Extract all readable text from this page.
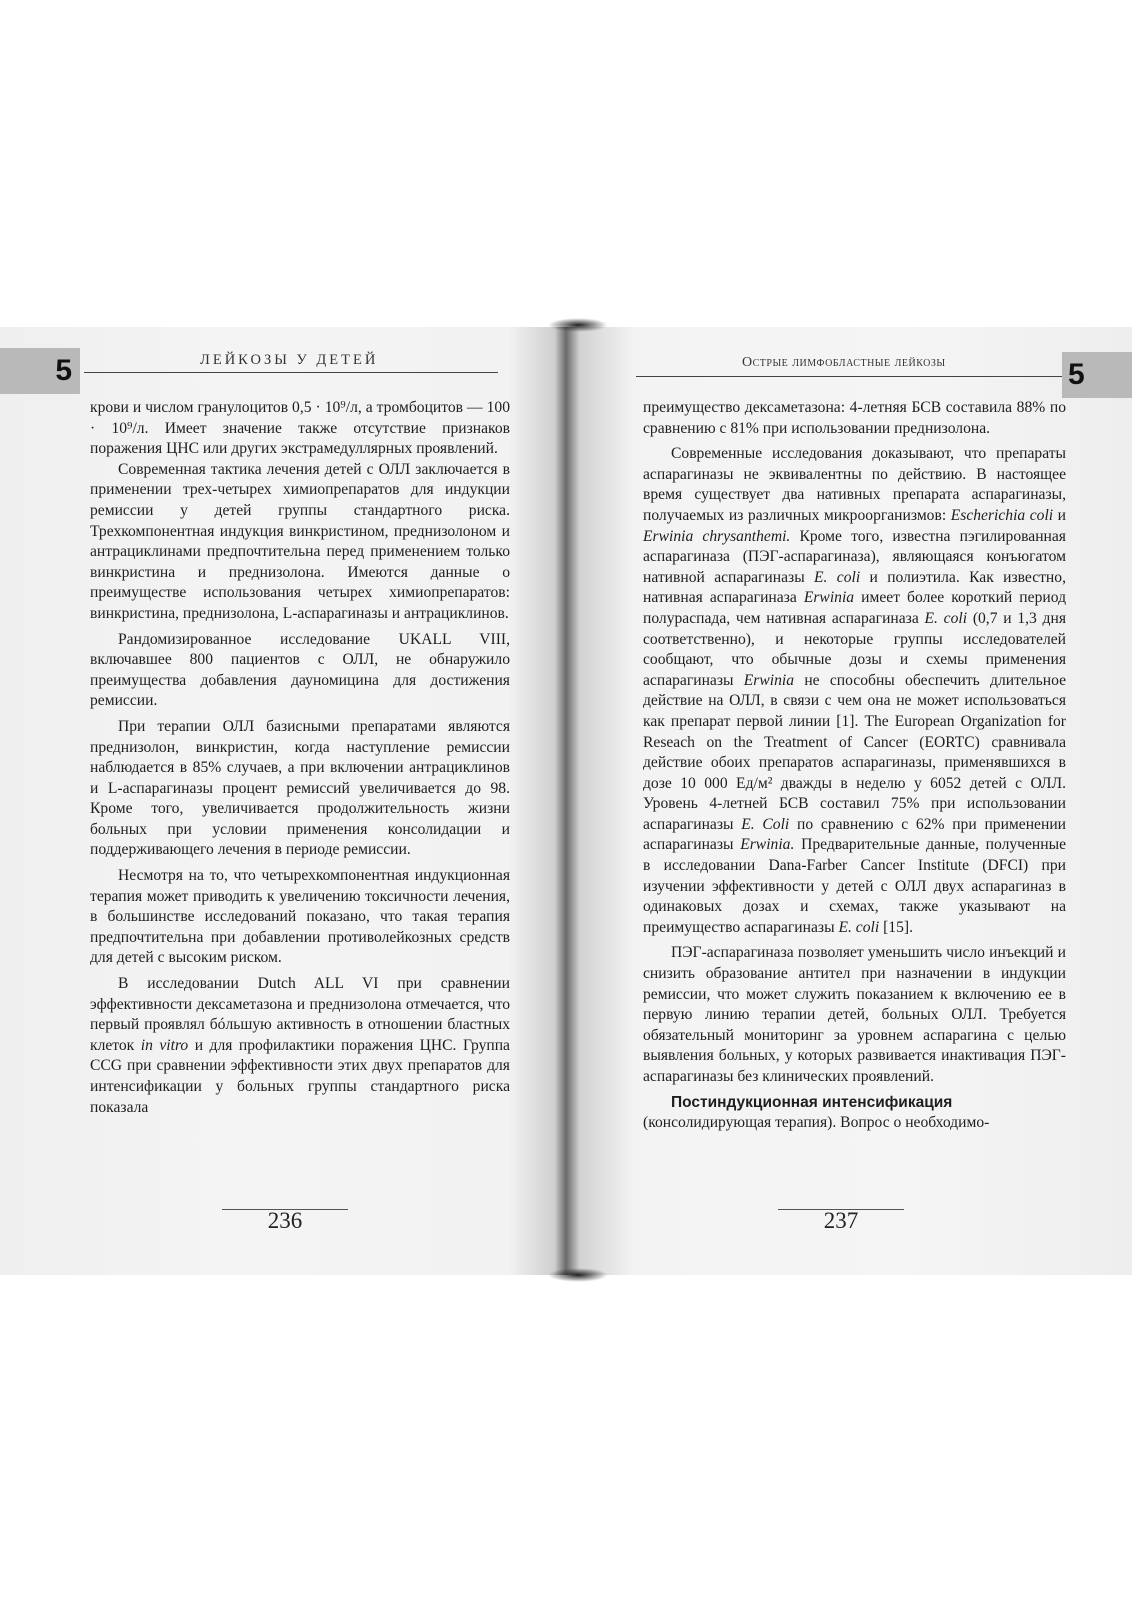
5	ЛЕЙКОЗЫ У ДЕТЕЙ

крови и числом гранулоцитов 0,5 · 10⁹/л, а тромбоцитов — 100 · 10⁹/л. Имеет значение также отсутствие признаков поражения ЦНС или других экстрамедуллярных проявлений.

Современная тактика лечения детей с ОЛЛ заключается в применении трех-четырех химиопрепаратов для индукции ремиссии у детей группы стандартного риска. Трехкомпонентная индукция винкристином, преднизолоном и антрациклинами предпочтительна перед применением только винкристина и преднизолона. Имеются данные о преимуществе использования четырех химиопрепаратов: винкристина, преднизолона, L-аспарагиназы и антрациклинов.

Рандомизированное исследование UKALL VIII, включавшее 800 пациентов с ОЛЛ, не обнаружило преимущества добавления дауномицина для достижения ремиссии.

При терапии ОЛЛ базисными препаратами являются преднизолон, винкристин, когда наступление ремиссии наблюдается в 85% случаев, а при включении антрациклинов и L-аспарагиназы процент ремиссий увеличивается до 98. Кроме того, увеличивается продолжительность жизни больных при условии применения консолидации и поддерживающего лечения в периоде ремиссии.

Несмотря на то, что четырехкомпонентная индукционная терапия может приводить к увеличению токсичности лечения, в большинстве исследований показано, что такая терапия предпочтительна при добавлении противолейкозных средств для детей с высоким риском.

В исследовании Dutch ALL VI при сравнении эффективности дексаметазона и преднизолона отмечается, что первый проявлял бóльшую активность в отношении бластных клеток in vitro и для профилактики поражения ЦНС. Группа CCG при сравнении эффективности этих двух препаратов для интенсификации у больных группы стандартного риска показала

236
5
Острые лимфобластные лейкозы

преимущество дексаметазона: 4-летняя БСВ составила 88% по сравнению с 81% при использовании преднизолона.

Современные исследования доказывают, что препараты аспарагиназы не эквивалентны по действию. В настоящее время существует два нативных препарата аспарагиназы, получаемых из различных микроорганизмов: Escherichia coli и Erwinia chrysanthemi. Кроме того, известна пэгилированная аспарагиназа (ПЭГ-аспарагиназа), являющаяся конъюгатом нативной аспарагиназы E. coli и полиэтила. Как известно, нативная аспарагиназа Erwinia имеет более короткий период полураспада, чем нативная аспарагиназа E. coli (0,7 и 1,3 дня соответственно), и некоторые группы исследователей сообщают, что обычные дозы и схемы применения аспарагиназы Erwinia не способны обеспечить длительное действие на ОЛЛ, в связи с чем она не может использоваться как препарат первой линии [1]. The European Organization for Reseach on the Treatment of Cancer (EORTC) сравнивала действие обоих препаратов аспарагиназы, применявшихся в дозе 10 000 Ед/м² дважды в неделю у 6052 детей с ОЛЛ. Уровень 4-летней БСВ составил 75% при использовании аспарагиназы E. Coli по сравнению с 62% при применении аспарагиназы Erwinia. Предварительные данные, полученные в исследовании Dana-Farber Cancer Institute (DFCI) при изучении эффективности у детей с ОЛЛ двух аспарагиназ в одинаковых дозах и схемах, также указывают на преимущество аспарагиназы E. coli [15].

ПЭГ-аспарагиназа позволяет уменьшить число инъекций и снизить образование антител при назначении в индукции ремиссии, что может служить показанием к включению ее в первую линию терапии детей, больных ОЛЛ. Требуется обязательный мониторинг за уровнем аспарагина с целью выявления больных, у которых развивается инактивация ПЭГ-аспарагиназы без клинических проявлений.

Постиндукционная интенсификация
(консолидирующая терапия). Вопрос о необходимо-

237
